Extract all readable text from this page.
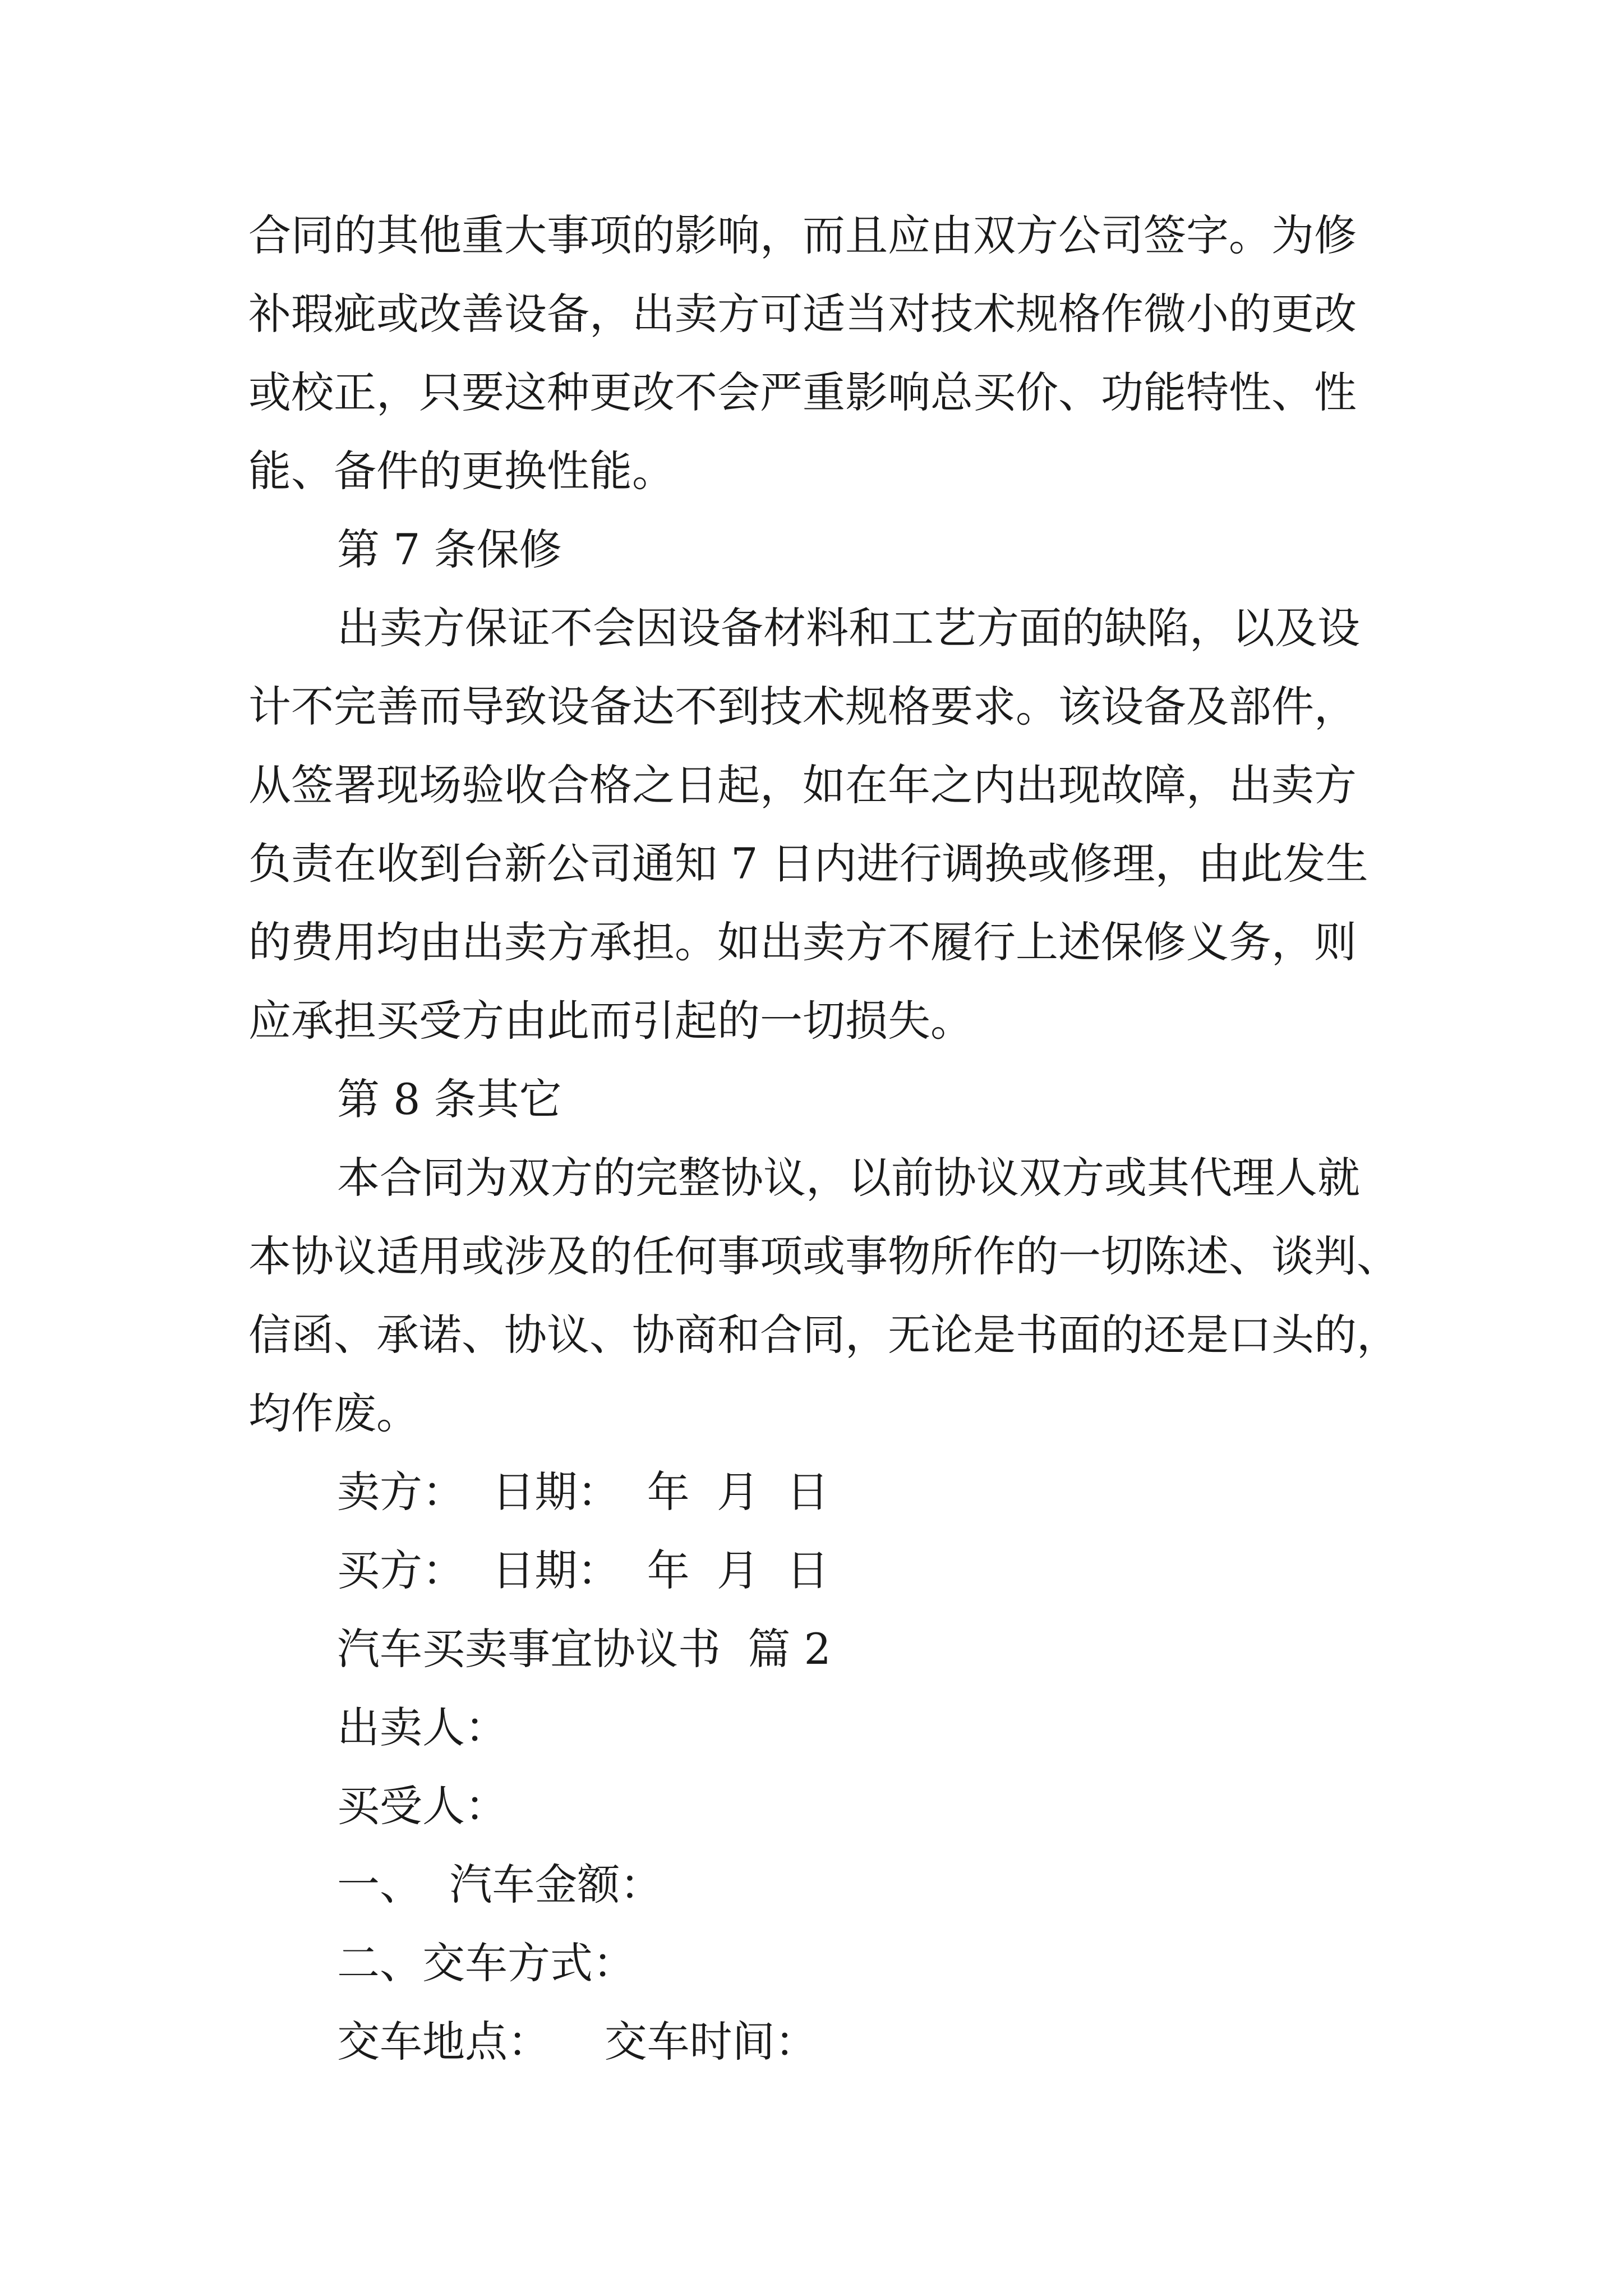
合同的其他重大事项的影响，而且应由双方公司签字。为修
补瑕疵或改善设备，出卖方可适当对技术规格作微小的更改
或校正，只要这种更改不会严重影响总买价、功能特性、性
能、备件的更换性能。
第 7 条保修
出卖方保证不会因设备材料和工艺方面的缺陷，以及设
计不完善而导致设备达不到技术规格要求。该设备及部件，
从签署现场验收合格之日起，如在年之内出现故障，出卖方
负责在收到台新公司通知 7 日内进行调换或修理，由此发生
的费用均由出卖方承担。如出卖方不履行上述保修义务，则
应承担买受方由此而引起的一切损失。
第 8 条其它
本合同为双方的完整协议，以前协议双方或其代理人就
本协议适用或涉及的任何事项或事物所作的一切陈述、谈判、
信函、承诺、协议、协商和合同，无论是书面的还是口头的，
均作废。
卖方：  日期：  年  月  日
买方：  日期：  年  月  日
汽车买卖事宜协议书  篇 2
出卖人：
买受人：
一、  汽车金额：
二、交车方式：
交车地点：    交车时间：
